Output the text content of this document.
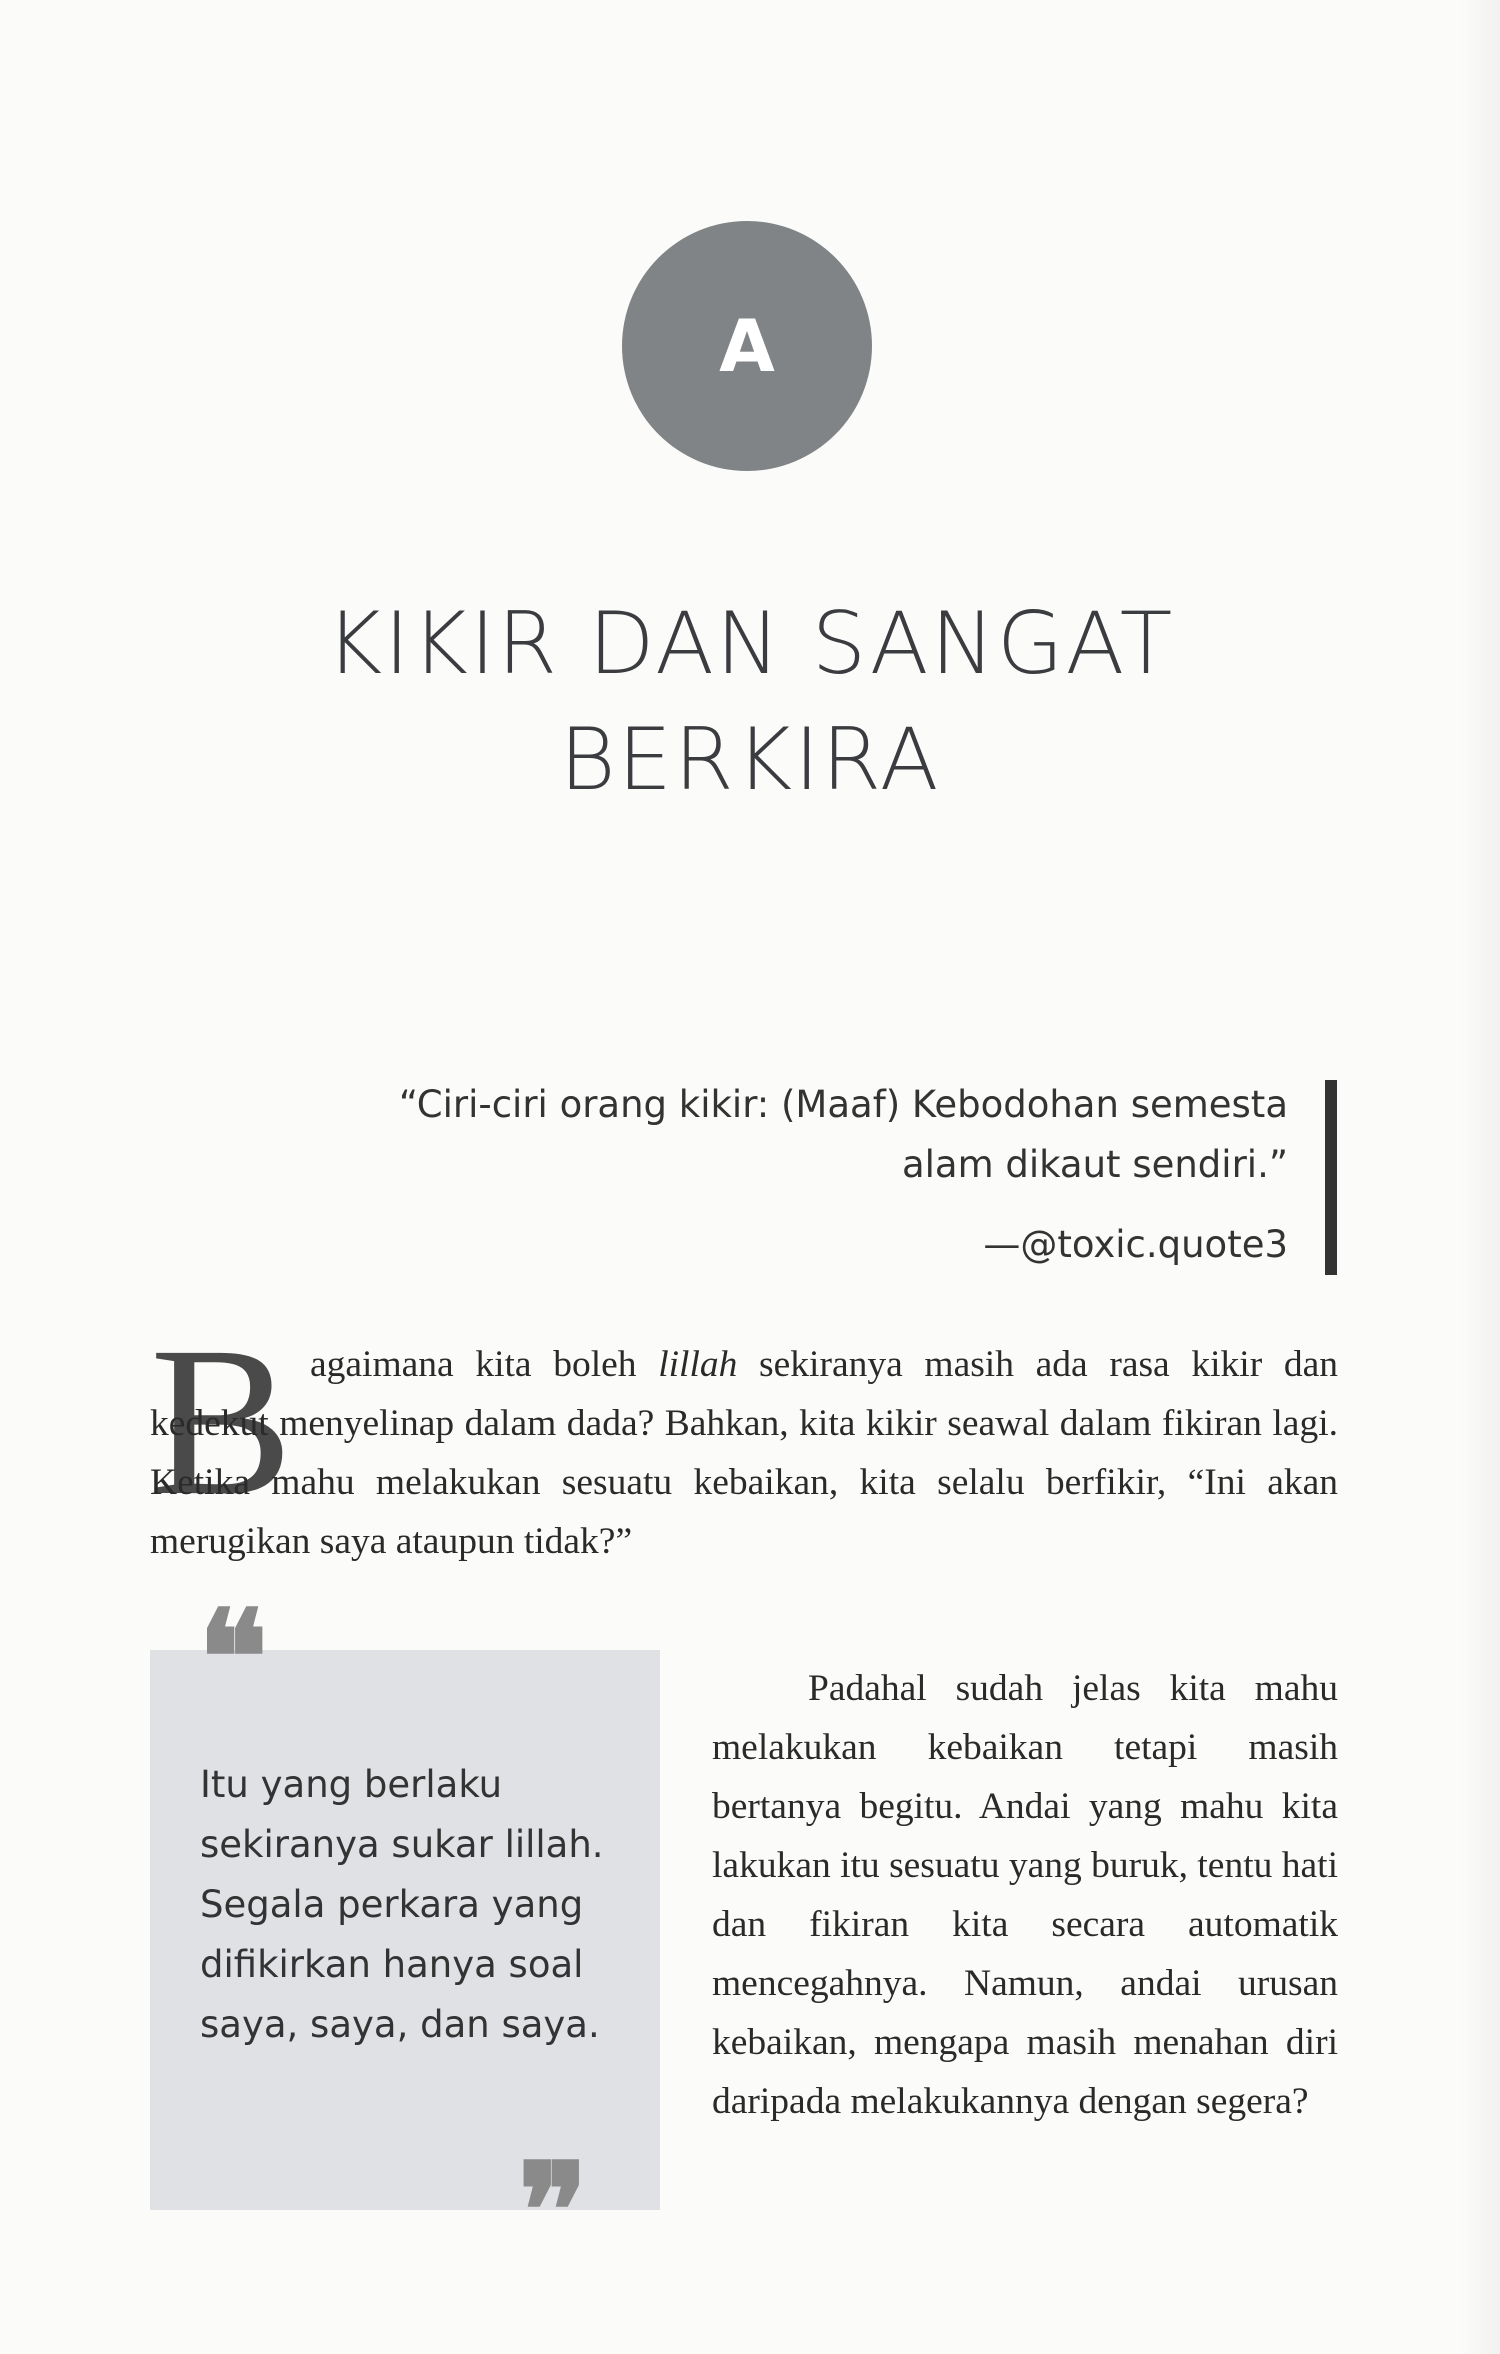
A
KIKIR DAN SANGAT
BERKIRA
“Ciri-ciri orang kikir: (Maaf) Kebodohan semesta
alam dikaut sendiri.”
—@toxic.quote3
B agaimana kita boleh lillah sekiranya masih ada rasa kikir dan kedekut menyelinap dalam dada? Bahkan, kita kikir seawal dalam fikiran lagi. Ketika mahu melakukan sesuatu kebaikan, kita selalu berfikir, “Ini akan merugikan saya ataupun tidak?”

❝

Itu yang berlaku sekiranya sukar lillah. Segala perkara yang difikirkan hanya soal saya, saya, dan saya.

❞

Padahal sudah jelas kita mahu melakukan kebaikan tetapi masih bertanya begitu. Andai yang mahu kita lakukan itu sesuatu yang buruk, tentu hati dan fikiran kita secara automatik mencegahnya. Namun, andai urusan kebaikan, mengapa masih menahan diri daripada melakukannya dengan segera?
